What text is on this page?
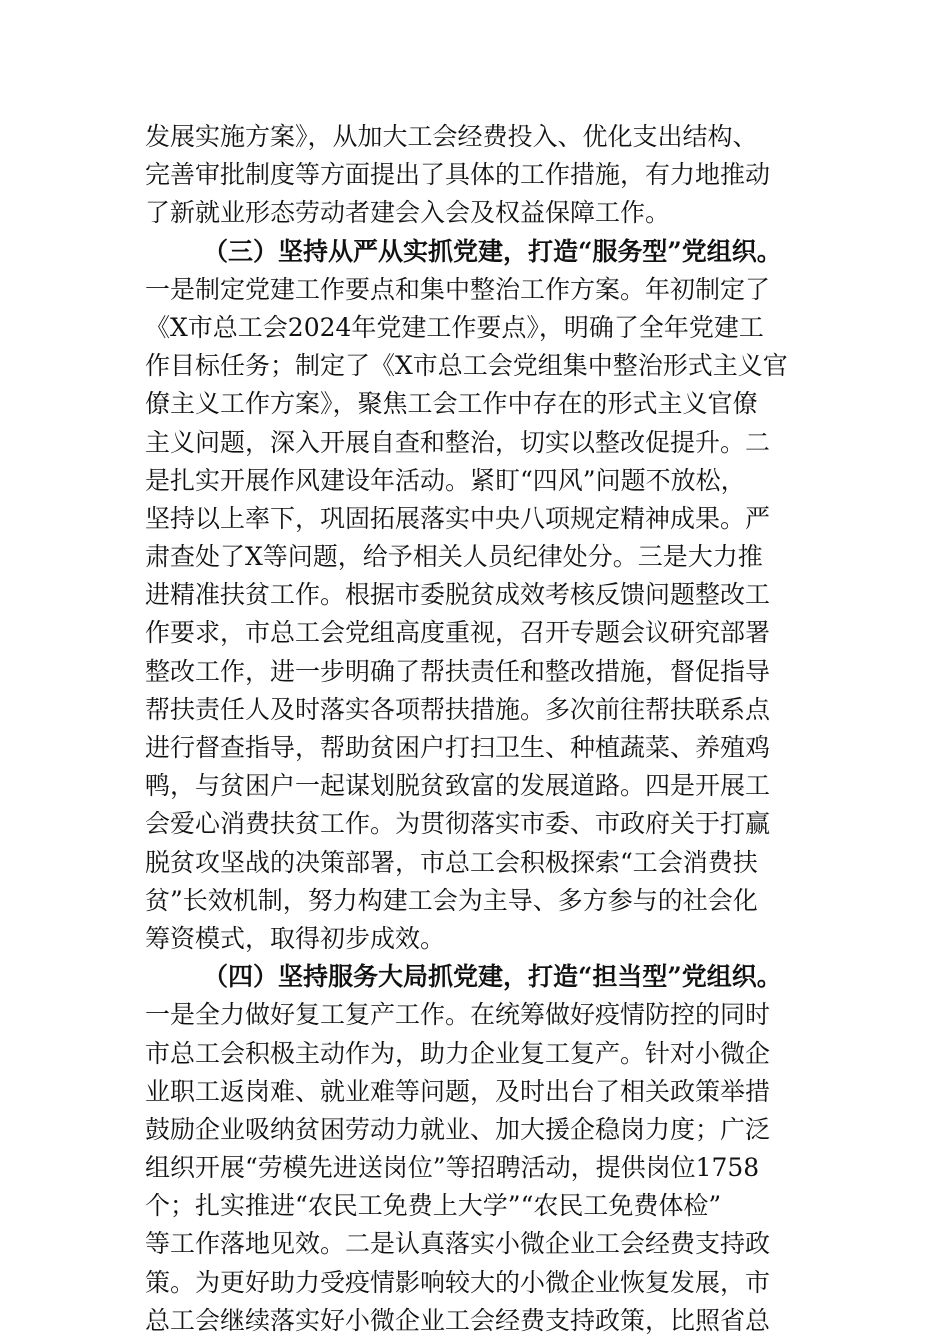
发展实施方案》，从加大工会经费投入、优化支出结构、
完善审批制度等方面提出了具体的工作措施，有力地推动
了新就业形态劳动者建会入会及权益保障工作。
（三）坚持从严从实抓党建，打造“服务型”党组织。
一是制定党建工作要点和集中整治工作方案。年初制定了
《X市总工会2024年党建工作要点》，明确了全年党建工
作目标任务；制定了《X市总工会党组集中整治形式主义官
僚主义工作方案》，聚焦工会工作中存在的形式主义官僚
主义问题，深入开展自查和整治，切实以整改促提升。二
是扎实开展作风建设年活动。紧盯“四风”问题不放松，
坚持以上率下，巩固拓展落实中央八项规定精神成果。严
肃查处了X等问题，给予相关人员纪律处分。三是大力推
进精准扶贫工作。根据市委脱贫成效考核反馈问题整改工
作要求，市总工会党组高度重视，召开专题会议研究部署
整改工作，进一步明确了帮扶责任和整改措施，督促指导
帮扶责任人及时落实各项帮扶措施。多次前往帮扶联系点
进行督查指导，帮助贫困户打扫卫生、种植蔬菜、养殖鸡
鸭，与贫困户一起谋划脱贫致富的发展道路。四是开展工
会爱心消费扶贫工作。为贯彻落实市委、市政府关于打赢
脱贫攻坚战的决策部署，市总工会积极探索“工会消费扶
贫”长效机制，努力构建工会为主导、多方参与的社会化
筹资模式，取得初步成效。
（四）坚持服务大局抓党建，打造“担当型”党组织。
一是全力做好复工复产工作。在统筹做好疫情防控的同时
市总工会积极主动作为，助力企业复工复产。针对小微企
业职工返岗难、就业难等问题，及时出台了相关政策举措
鼓励企业吸纳贫困劳动力就业、加大援企稳岗力度；广泛
组织开展“劳模先进送岗位”等招聘活动，提供岗位1758
个；扎实推进“农民工免费上大学”“农民工免费体检”
等工作落地见效。二是认真落实小微企业工会经费支持政
策。为更好助力受疫情影响较大的小微企业恢复发展，市
总工会继续落实好小微企业工会经费支持政策，比照省总
